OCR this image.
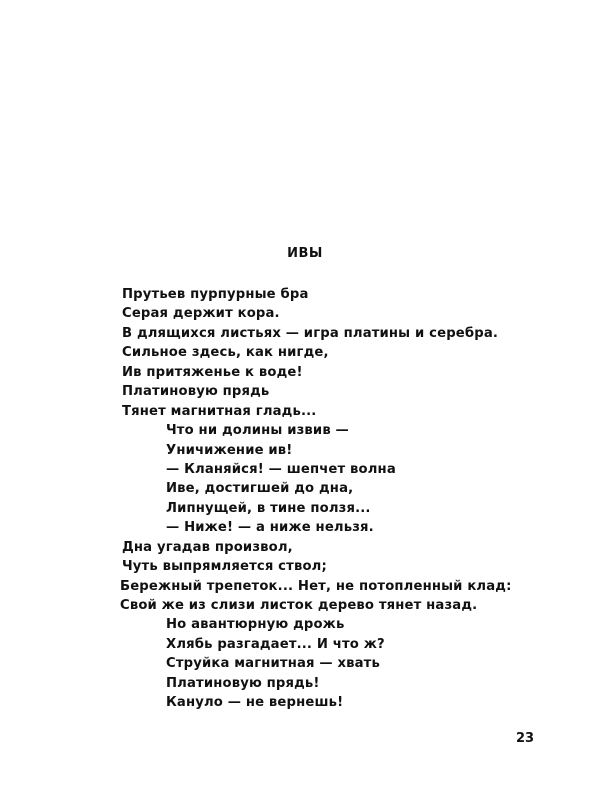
ИВЫ
Прутьев пурпурные бра
Серая держит кора.
В длящихся листьях — игра платины и серебра.
Сильное здесь, как нигде,
Ив притяженье к воде!
Платиновую прядь
Тянет магнитная гладь...
Что ни долины извив —
Уничижение ив!
— Кланяйся! — шепчет волна
Иве, достигшей до дна,
Липнущей, в тине ползя...
— Ниже! — а ниже нельзя.
Дна угадав произвол,
Чуть выпрямляется ствол;
Бережный трепеток... Нет, не потопленный клад:
Свой же из слизи листок дерево тянет назад.
Но авантюрную дрожь
Хлябь разгадает... И что ж?
Струйка магнитная — хвать
Платиновую прядь!
Кануло — не вернешь!
23
